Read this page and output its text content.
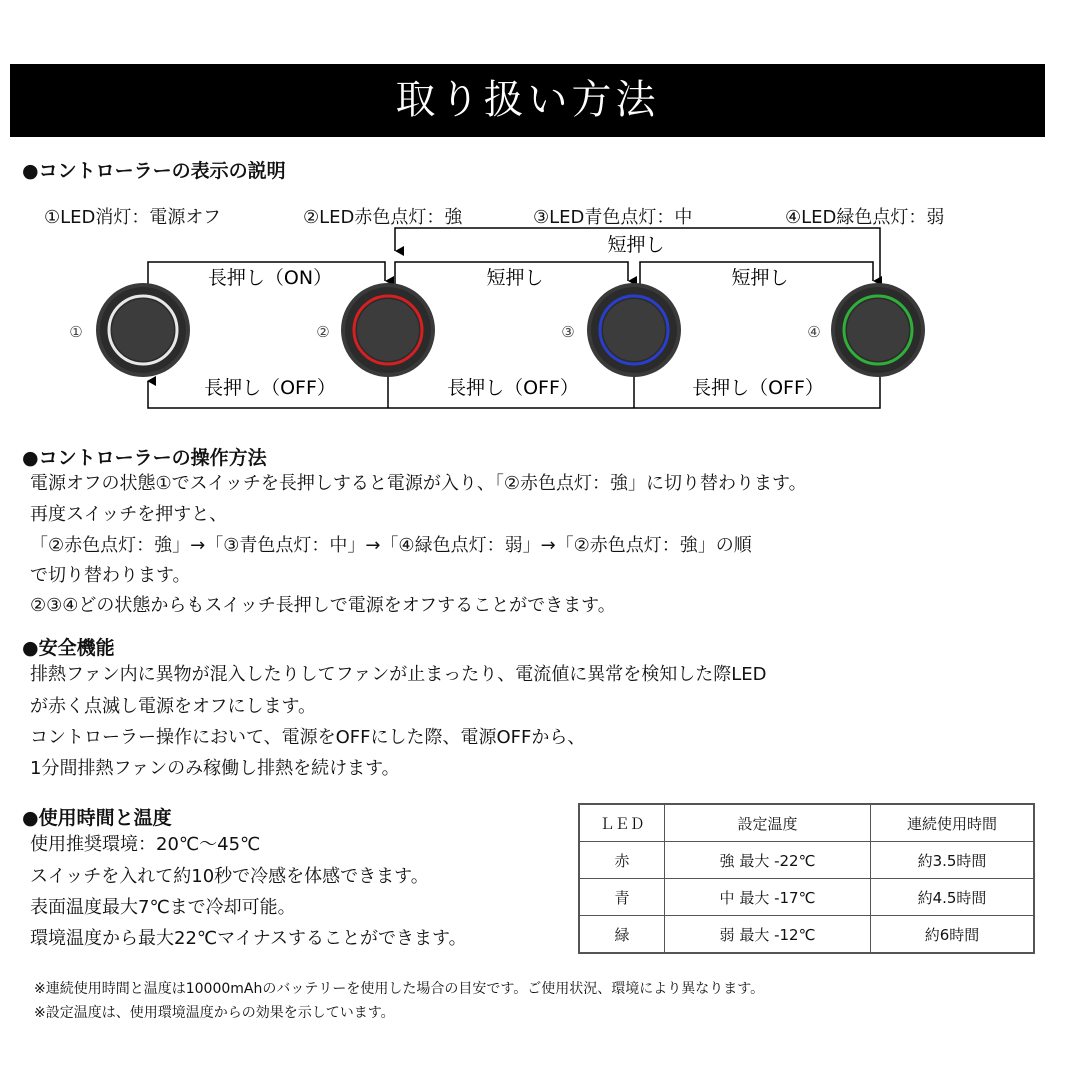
取り扱い方法
●コントローラーの表示の説明
①LED消灯：電源オフ	②LED赤色点灯：強	③LED青色点灯：中	④LED緑色点灯：弱
短押し
長押し（ON）	短押し	短押し
長押し（OFF）	長押し（OFF）	長押し（OFF）
①	②	③	④
●コントローラーの操作方法
電源オフの状態①でスイッチを長押しすると電源が入り、「②赤色点灯：強」に切り替わります。
再度スイッチを押すと、
「②赤色点灯：強」→「③青色点灯：中」→「④緑色点灯：弱」→「②赤色点灯：強」の順
で切り替わります。
②③④どの状態からもスイッチ長押しで電源をオフすることができます。
●安全機能
排熱ファン内に異物が混入したりしてファンが止まったり、電流値に異常を検知した際LED
が赤く点滅し電源をオフにします。
コントローラー操作において、電源をOFFにした際、電源OFFから、
1分間排熱ファンのみ稼働し排熱を続けます。
●使用時間と温度
使用推奨環境：20℃～45℃
スイッチを入れて約10秒で冷感を体感できます。
表面温度最大7℃まで冷却可能。
環境温度から最大22℃マイナスすることができます。
ＬＥＤ	設定温度	連続使用時間
赤	強 最大 -22℃	約3.5時間
青	中 最大 -17℃	約4.5時間
緑	弱 最大 -12℃	約6時間
※連続使用時間と温度は10000mAhのバッテリーを使用した場合の目安です。ご使用状況、環境により異なります。
※設定温度は、使用環境温度からの効果を示しています。
